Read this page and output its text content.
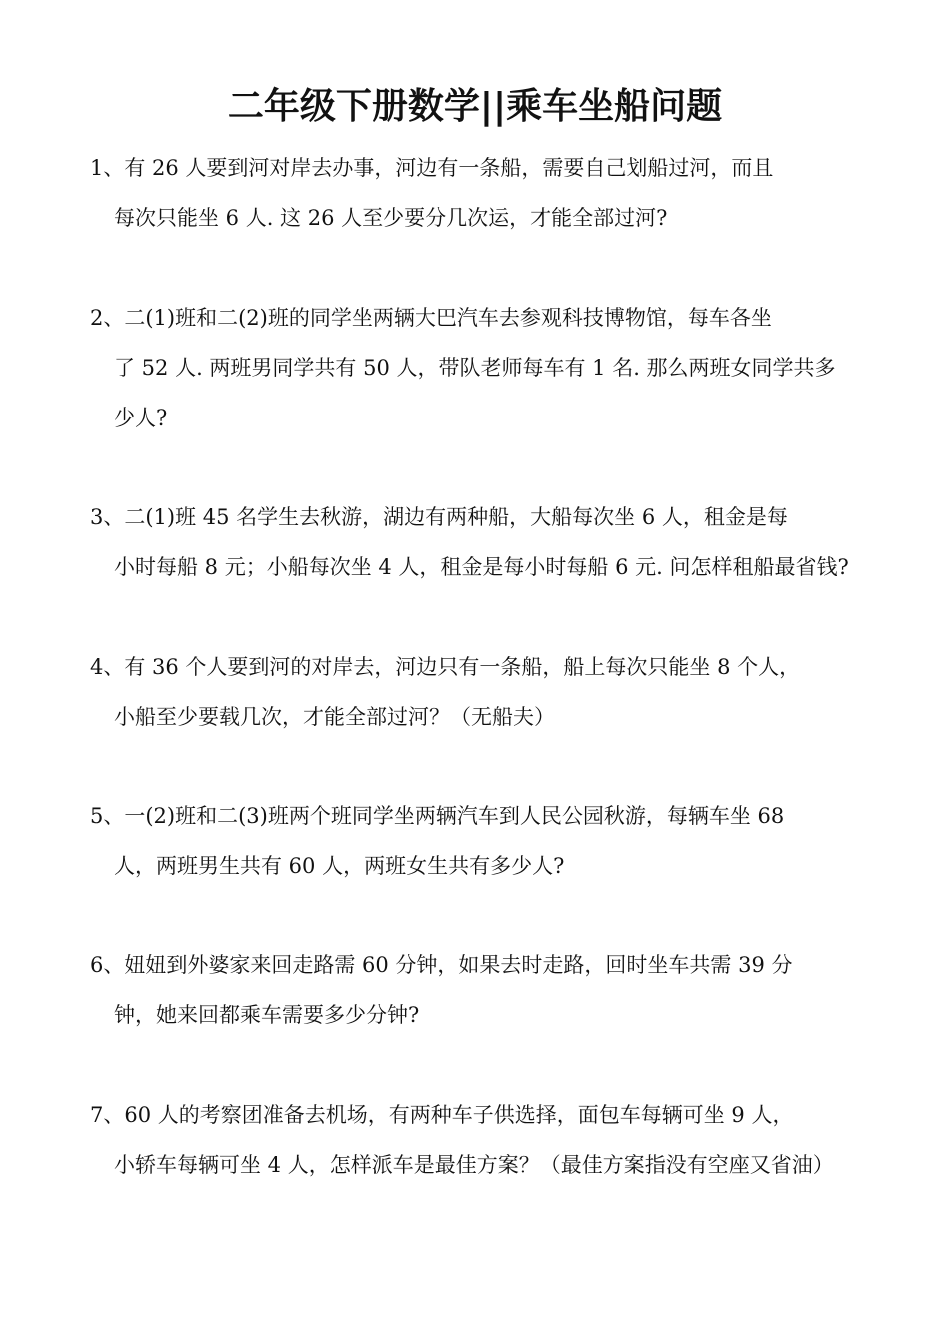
二年级下册数学||乘车坐船问题
1、有 26 人要到河对岸去办事，河边有一条船，需要自己划船过河，而且
每次只能坐 6 人. 这 26 人至少要分几次运，才能全部过河?
2、二(1)班和二(2)班的同学坐两辆大巴汽车去参观科技博物馆，每车各坐
了 52 人. 两班男同学共有 50 人，带队老师每车有 1 名. 那么两班女同学共多
少人?
3、二(1)班 45 名学生去秋游，湖边有两种船，大船每次坐 6 人，租金是每
小时每船 8 元；小船每次坐 4 人，租金是每小时每船 6 元. 问怎样租船最省钱?
4、有 36 个人要到河的对岸去，河边只有一条船，船上每次只能坐 8 个人，
小船至少要载几次，才能全部过河？（无船夫）
5、一(2)班和二(3)班两个班同学坐两辆汽车到人民公园秋游，每辆车坐 68
人，两班男生共有 60 人，两班女生共有多少人?
6、妞妞到外婆家来回走路需 60 分钟，如果去时走路，回时坐车共需 39 分
钟，她来回都乘车需要多少分钟?
7、60 人的考察团准备去机场，有两种车子供选择，面包车每辆可坐 9 人，
小轿车每辆可坐 4 人，怎样派车是最佳方案？（最佳方案指没有空座又省油）
